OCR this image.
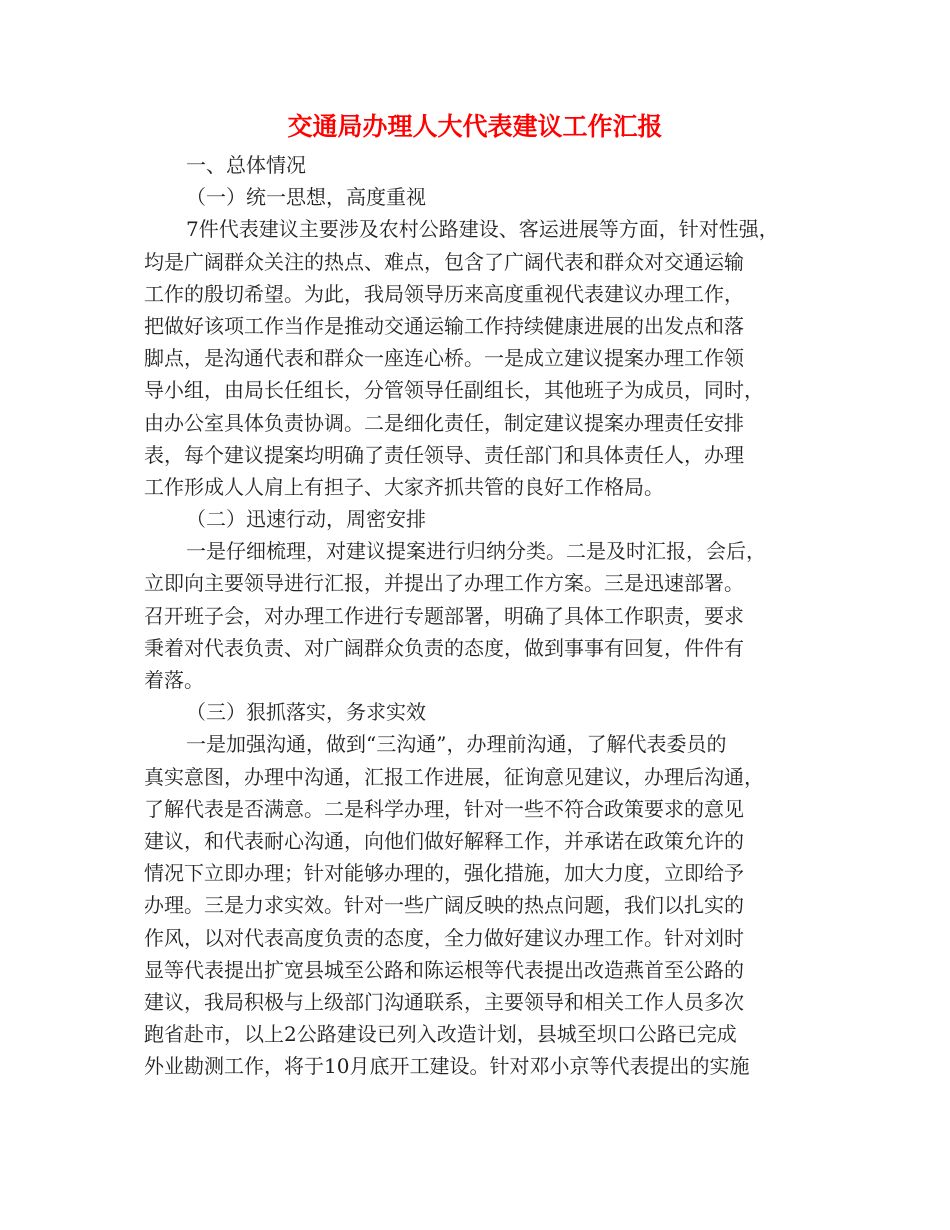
交通局办理人大代表建议工作汇报

一、总体情况

（一）统一思想，高度重视

7件代表建议主要涉及农村公路建设、客运进展等方面，针对性强，

均是广阔群众关注的热点、难点，包含了广阔代表和群众对交通运输

工作的殷切希望。为此，我局领导历来高度重视代表建议办理工作，

把做好该项工作当作是推动交通运输工作持续健康进展的出发点和落

脚点，是沟通代表和群众一座连心桥。一是成立建议提案办理工作领

导小组，由局长任组长，分管领导任副组长，其他班子为成员，同时，

由办公室具体负责协调。二是细化责任，制定建议提案办理责任安排

表，每个建议提案均明确了责任领导、责任部门和具体责任人，办理

工作形成人人肩上有担子、大家齐抓共管的良好工作格局。

（二）迅速行动，周密安排

一是仔细梳理，对建议提案进行归纳分类。二是及时汇报，会后，

立即向主要领导进行汇报，并提出了办理工作方案。三是迅速部署。

召开班子会，对办理工作进行专题部署，明确了具体工作职责，要求

秉着对代表负责、对广阔群众负责的态度，做到事事有回复，件件有

着落。

（三）狠抓落实，务求实效

一是加强沟通，做到“三沟通”，办理前沟通，了解代表委员的

真实意图，办理中沟通，汇报工作进展，征询意见建议，办理后沟通，

了解代表是否满意。二是科学办理，针对一些不符合政策要求的意见

建议，和代表耐心沟通，向他们做好解释工作，并承诺在政策允许的

情况下立即办理；针对能够办理的，强化措施，加大力度，立即给予

办理。三是力求实效。针对一些广阔反映的热点问题，我们以扎实的

作风，以对代表高度负责的态度，全力做好建议办理工作。针对刘时

显等代表提出扩宽县城至公路和陈运根等代表提出改造燕首至公路的

建议，我局积极与上级部门沟通联系，主要领导和相关工作人员多次

跑省赴市，以上2公路建设已列入改造计划，县城至坝口公路已完成

外业勘测工作，将于10月底开工建设。针对邓小京等代表提出的实施
